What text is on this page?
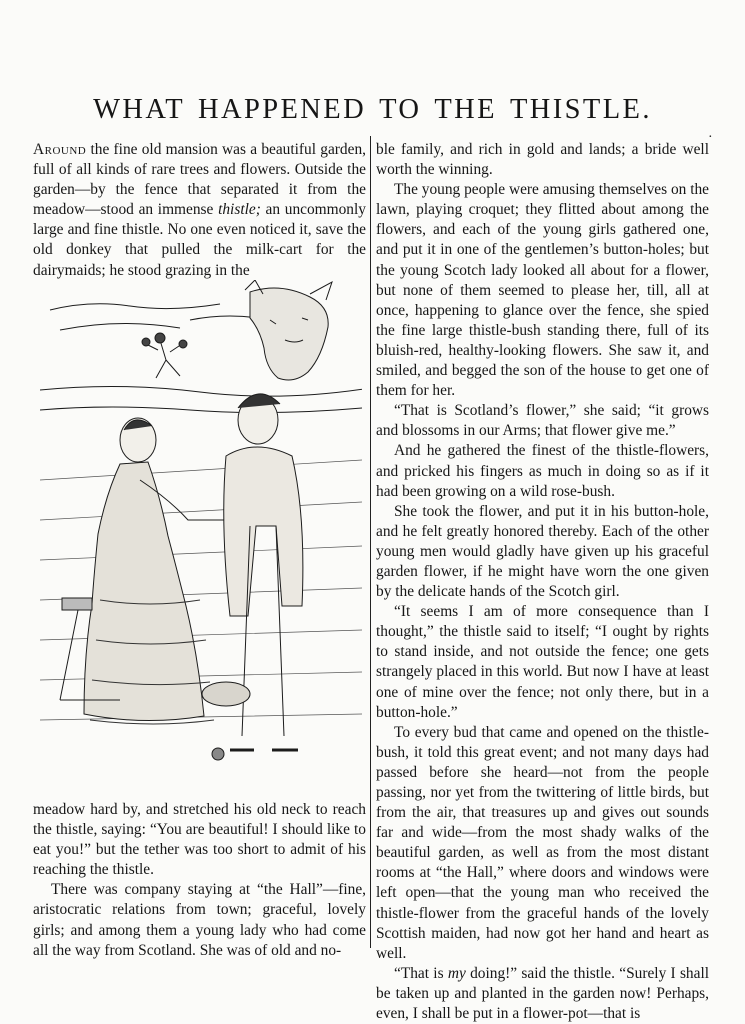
WHAT HAPPENED TO THE THISTLE.
·

Around the fine old mansion was a beautiful garden, full of all kinds of rare trees and flowers. Outside the garden—by the fence that separated it from the meadow—stood an immense thistle; an uncommonly large and fine thistle. No one even noticed it, save the old donkey that pulled the milk-cart for the dairymaids; he stood grazing in the

meadow hard by, and stretched his old neck to reach the thistle, saying: “You are beautiful! I should like to eat you!” but the tether was too short to admit of his reaching the thistle.

There was company staying at “the Hall”—fine, aristocratic relations from town; graceful, lovely girls; and among them a young lady who had come all the way from Scotland. She was of old and no-

ble family, and rich in gold and lands; a bride well worth the winning.

The young people were amusing themselves on the lawn, playing croquet; they flitted about among the flowers, and each of the young girls gathered one, and put it in one of the gentlemen’s button-holes; but the young Scotch lady looked all about for a flower, but none of them seemed to please her, till, all at once, happening to glance over the fence, she spied the fine large thistle-bush standing there, full of its bluish-red, healthy-looking flowers. She saw it, and smiled, and begged the son of the house to get one of them for her.

“That is Scotland’s flower,” she said; “it grows and blossoms in our Arms; that flower give me.”

And he gathered the finest of the thistle-flowers, and pricked his fingers as much in doing so as if it had been growing on a wild rose-bush.

She took the flower, and put it in his button-hole, and he felt greatly honored thereby. Each of the other young men would gladly have given up his graceful garden flower, if he might have worn the one given by the delicate hands of the Scotch girl.

“It seems I am of more consequence than I thought,” the thistle said to itself; “I ought by rights to stand inside, and not outside the fence; one gets strangely placed in this world. But now I have at least one of mine over the fence; not only there, but in a button-hole.”

To every bud that came and opened on the thistle-bush, it told this great event; and not many days had passed before she heard—not from the people passing, nor yet from the twittering of little birds, but from the air, that treasures up and gives out sounds far and wide—from the most shady walks of the beautiful garden, as well as from the most distant rooms at “the Hall,” where doors and windows were left open—that the young man who received the thistle-flower from the graceful hands of the lovely Scottish maiden, had now got her hand and heart as well.

“That is my doing!” said the thistle. “Surely I shall be taken up and planted in the garden now! Perhaps, even, I shall be put in a flower-pot—that is
